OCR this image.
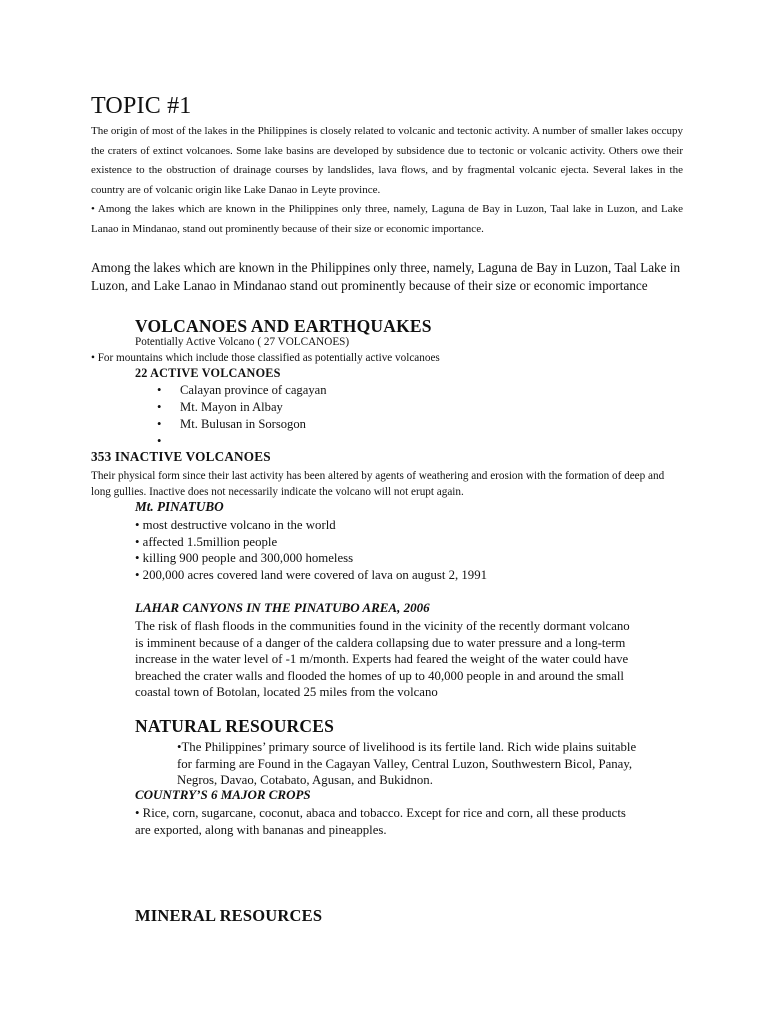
TOPIC #1

The origin of most of the lakes in the Philippines is closely related to volcanic and tectonic activity. A number of smaller lakes occupy the craters of extinct volcanoes. Some lake basins are developed by subsidence due to tectonic or volcanic activity. Others owe their existence to the obstruction of drainage courses by landslides, lava flows, and by fragmental volcanic ejecta. Several lakes in the country are of volcanic origin like Lake Danao in Leyte province.

• Among the lakes which are known in the Philippines only three, namely, Laguna de Bay in Luzon, Taal lake in Luzon, and Lake Lanao in Mindanao, stand out prominently because of their size or economic importance.

Among the lakes which are known in the Philippines only three, namely, Laguna de Bay in Luzon, Taal Lake in Luzon, and Lake Lanao in Mindanao stand out prominently because of their size or economic importance

VOLCANOES AND EARTHQUAKES

Potentially Active Volcano ( 27 VOLCANOES)

• For mountains which include those classified as potentially active volcanoes

22 ACTIVE VOLCANOES
• Calayan province of cagayan
• Mt. Mayon in Albay
• Mt. Bulusan in Sorsogon
•
353 INACTIVE VOLCANOES

Their physical form since their last activity has been altered by agents of weathering and erosion with the formation of deep and long gullies. Inactive does not necessarily indicate the volcano will not erupt again.

Mt. PINATUBO
• most destructive volcano in the world
• affected 1.5million people
• killing 900 people and 300,000 homeless
• 200,000 acres covered land were covered of lava on august 2, 1991
LAHAR CANYONS IN THE PINATUBO AREA, 2006
The risk of flash floods in the communities found in the vicinity of the recently dormant volcano
is imminent because of a danger of the caldera collapsing due to water pressure and a long-term
increase in the water level of -1 m/month. Experts had feared the weight of the water could have
breached the crater walls and flooded the homes of up to 40,000 people in and around the small
coastal town of Botolan, located 25 miles from the volcano
NATURAL RESOURCES
•The Philippines’ primary source of livelihood is its fertile land. Rich wide plains suitable
for farming are Found in the Cagayan Valley, Central Luzon, Southwestern Bicol, Panay,
Negros, Davao, Cotabato, Agusan, and Bukidnon.
COUNTRY’S 6 MAJOR CROPS
• Rice, corn, sugarcane, coconut, abaca and tobacco. Except for rice and corn, all these products
are exported, along with bananas and pineapples.
MINERAL RESOURCES
